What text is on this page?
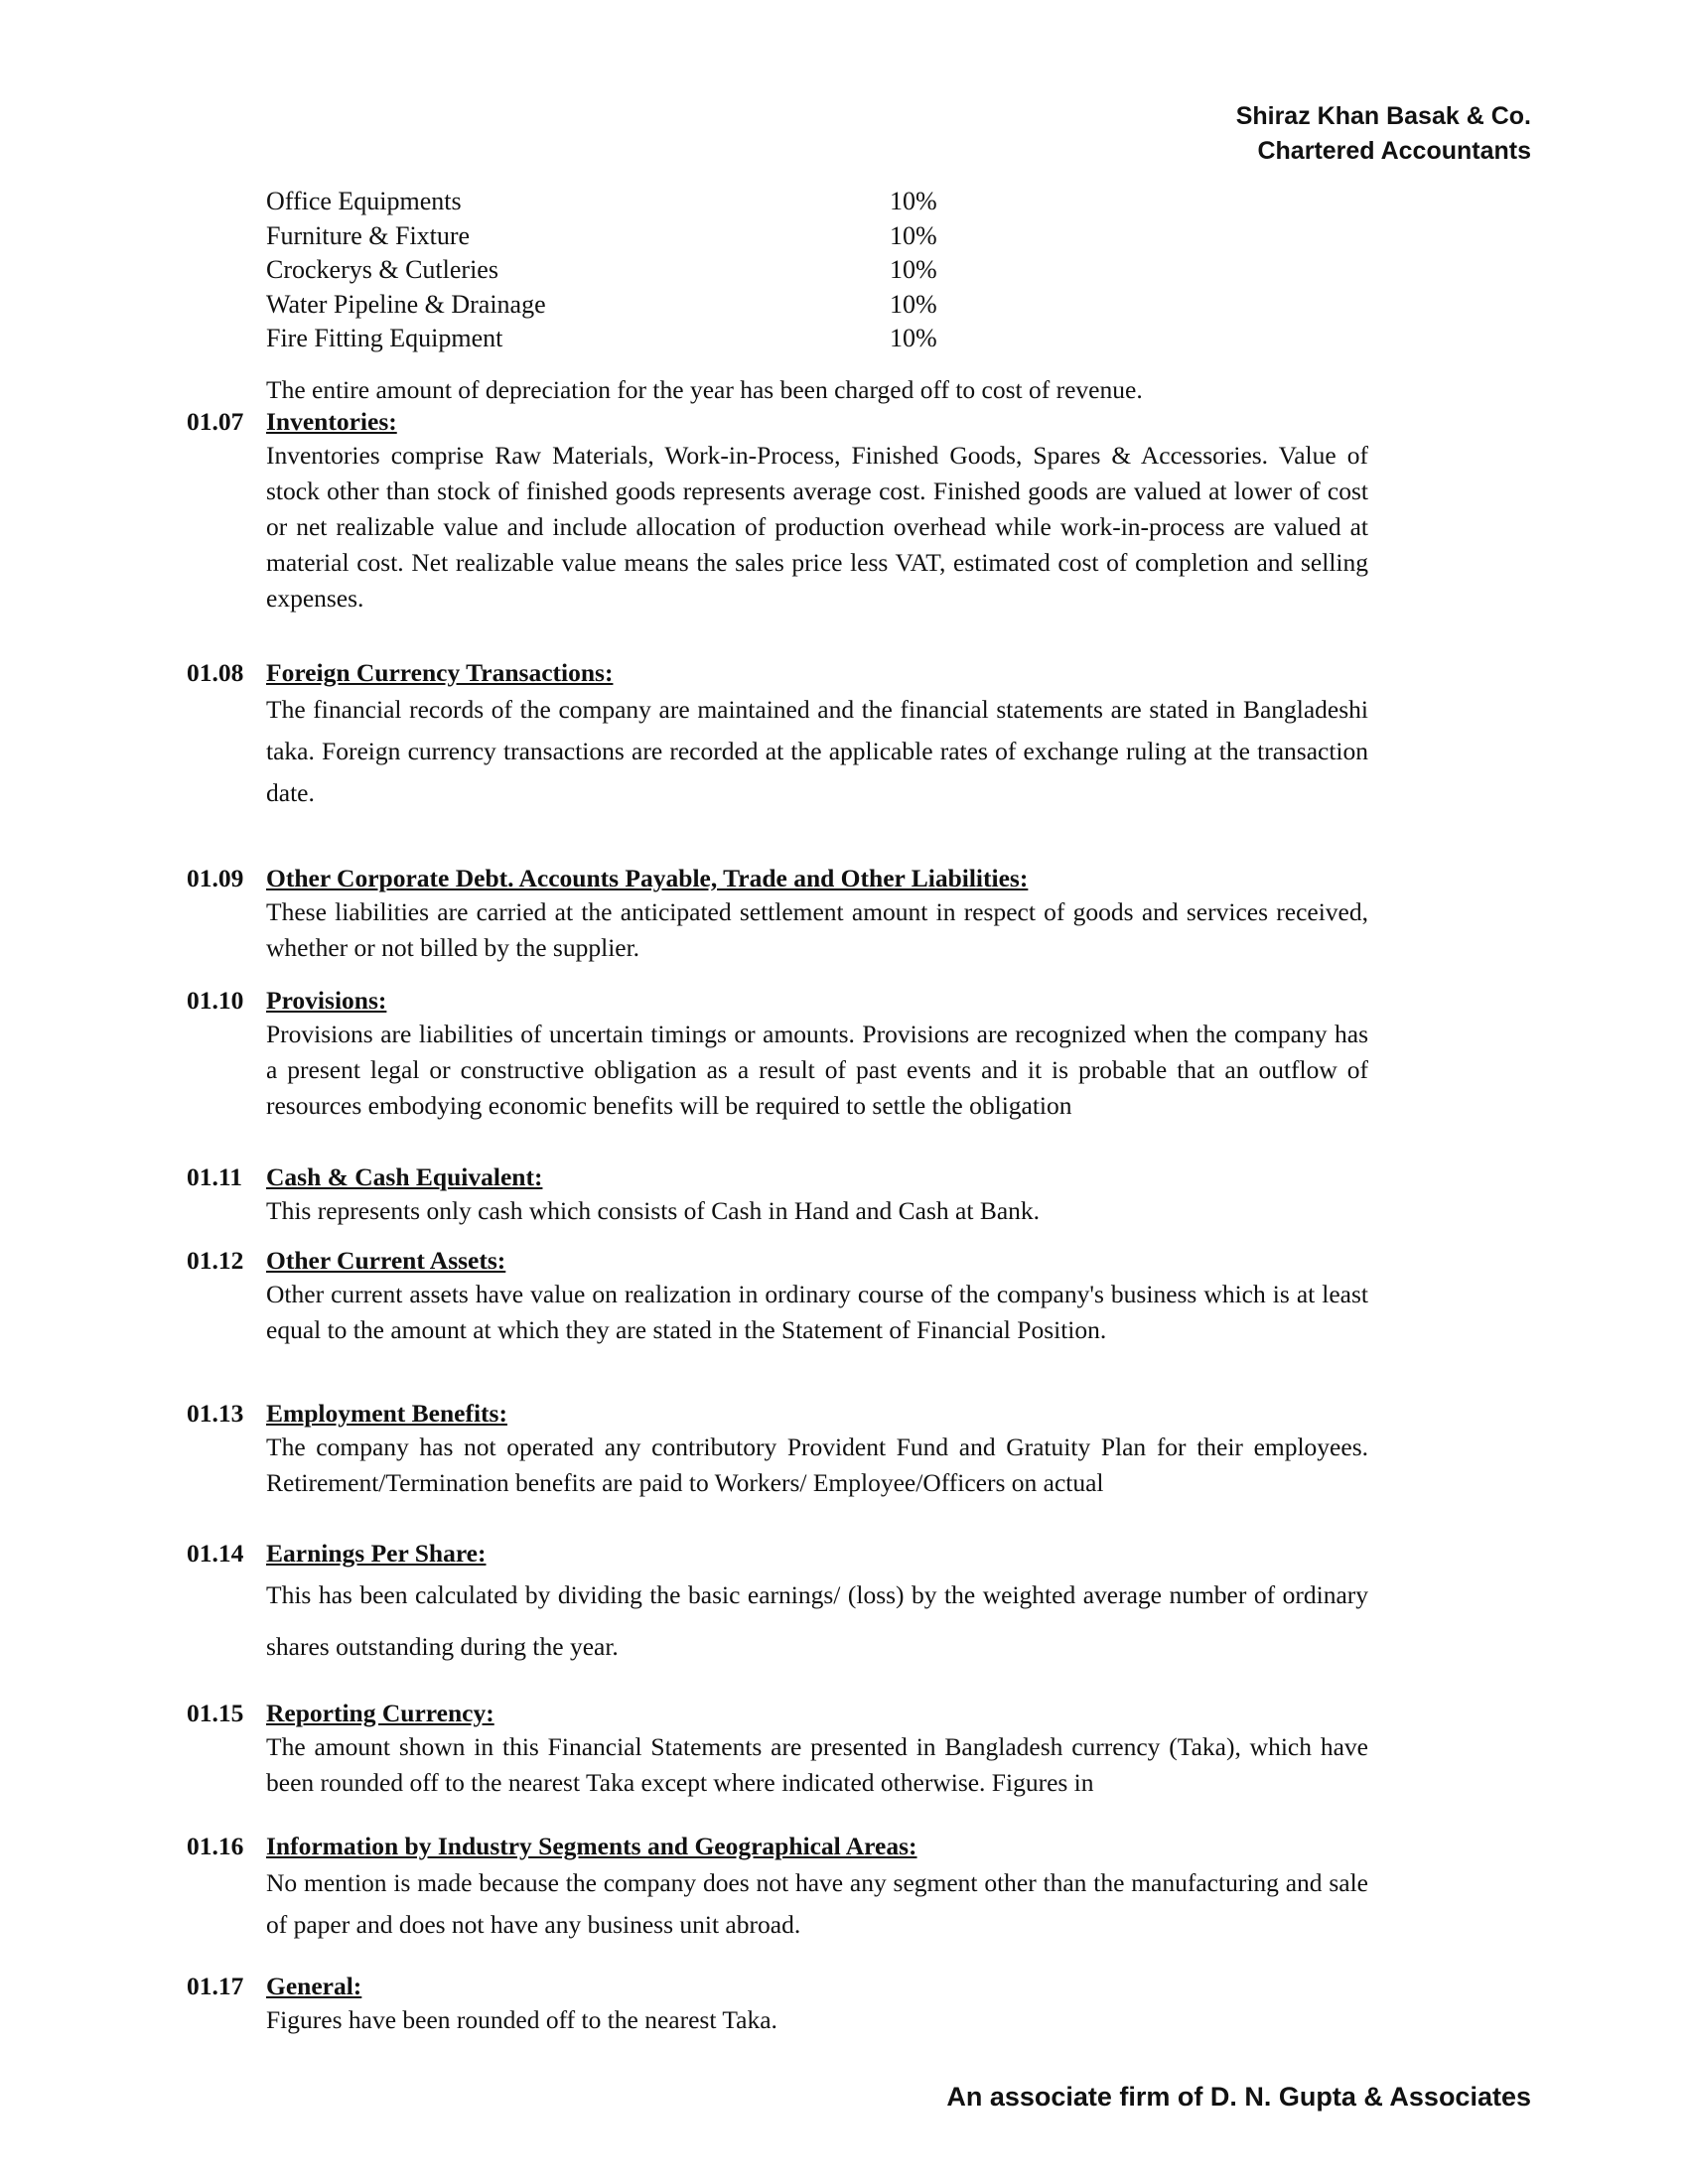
Shiraz Khan Basak & Co.
Chartered Accountants
Office Equipments	10%
Furniture & Fixture	10%
Crockerys & Cutleries	10%
Water Pipeline & Drainage	10%
Fire Fitting Equipment	10%
The entire amount of depreciation for the year has been charged off to cost of revenue.
01.07 Inventories:
Inventories comprise Raw Materials, Work-in-Process, Finished Goods, Spares & Accessories. Value of stock other than stock of finished goods represents average cost. Finished goods are valued at lower of cost or net realizable value and include allocation of production overhead while work-in-process are valued at material cost. Net realizable value means the sales price less VAT, estimated cost of completion and selling expenses.
01.08 Foreign Currency Transactions:
The financial records of the company are maintained and the financial statements are stated in Bangladeshi taka. Foreign currency transactions are recorded at the applicable rates of exchange ruling at the transaction date.
01.09 Other Corporate Debt. Accounts Payable, Trade and Other Liabilities:
These liabilities are carried at the anticipated settlement amount in respect of goods and services received, whether or not billed by the supplier.
01.10 Provisions:
Provisions are liabilities of uncertain timings or amounts. Provisions are recognized when the company has a present legal or constructive obligation as a result of past events and it is probable that an outflow of resources embodying economic benefits will be required to settle the obligation
01.11 Cash & Cash Equivalent:
This represents only cash which consists of Cash in Hand and Cash at Bank.
01.12 Other Current Assets:
Other current assets have value on realization in ordinary course of the company's business which is at least equal to the amount at which they are stated in the Statement of Financial Position.
01.13 Employment Benefits:
The company has not operated any contributory Provident Fund and Gratuity Plan for their employees. Retirement/Termination benefits are paid to Workers/ Employee/Officers on actual
01.14 Earnings Per Share:
This has been calculated by dividing the basic earnings/ (loss) by the weighted average number of ordinary shares outstanding during the year.
01.15 Reporting Currency:
The amount shown in this Financial Statements are presented in Bangladesh currency (Taka), which have been rounded off to the nearest Taka except where indicated otherwise. Figures in
01.16 Information by Industry Segments and Geographical Areas:
No mention is made because the company does not have any segment other than the manufacturing and sale of paper and does not have any business unit abroad.
01.17 General:
Figures have been rounded off to the nearest Taka.
An associate firm of D. N. Gupta & Associates
